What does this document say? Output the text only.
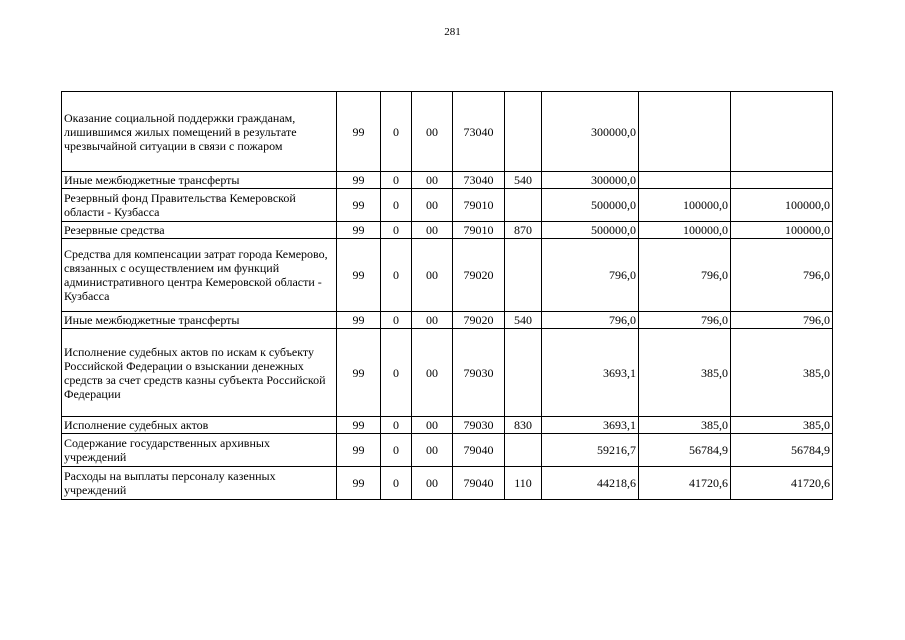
281
Оказание социальной поддержки гражданам, лишившимся жилых помещений в результате чрезвычайной ситуации в связи с пожаром	99	0	00	73040		300000,0		
Иные межбюджетные трансферты	99	0	00	73040	540	300000,0		
Резервный фонд Правительства Кемеровской области - Кузбасса	99	0	00	79010		500000,0	100000,0	100000,0
Резервные средства	99	0	00	79010	870	500000,0	100000,0	100000,0
Средства для компенсации затрат города Кемерово, связанных с осуществлением им функций административного центра Кемеровской области - Кузбасса	99	0	00	79020		796,0	796,0	796,0
Иные межбюджетные трансферты	99	0	00	79020	540	796,0	796,0	796,0
Исполнение судебных актов по искам к субъекту Российской Федерации о взыскании денежных средств за счет средств казны субъекта Российской Федерации	99	0	00	79030		3693,1	385,0	385,0
Исполнение судебных актов	99	0	00	79030	830	3693,1	385,0	385,0
Содержание государственных архивных учреждений	99	0	00	79040		59216,7	56784,9	56784,9
Расходы на выплаты персоналу казенных учреждений	99	0	00	79040	110	44218,6	41720,6	41720,6
